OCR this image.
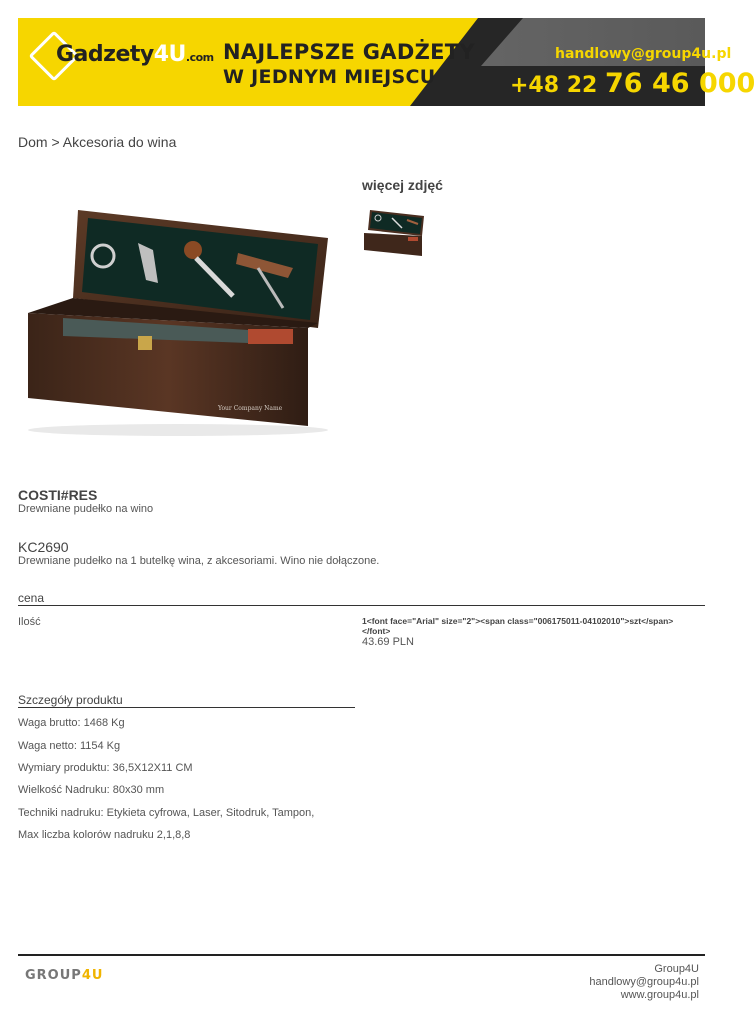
Gadzety4U.com NAJLEPSZE GADŻETY
W JEDNYM MIEJSCU
handlowy@group4u.pl
+48 22 76 46 000
Dom > Akcesoria do wina
więcej zdjęć
Your Company Name
COSTI#RES
Drewniane pudełko na wino
KC2690
Drewniane pudełko na 1 butelkę wina, z akcesoriami. Wino nie dołączone.
cena
Ilość	1<font face="Arial" size="2"><span class="006175011-04102010">szt</span></font>
43.69 PLN
Szczegóły produktu
Waga brutto: 1468 Kg
Waga netto: 1154 Kg
Wymiary produktu: 36,5X12X11 CM
Wielkość Nadruku: 80x30 mm
Techniki nadruku: Etykieta cyfrowa, Laser, Sitodruk, Tampon,
Max liczba kolorów nadruku 2,1,8,8
GROUP4U	Group4U
handlowy@group4u.pl
www.group4u.pl
